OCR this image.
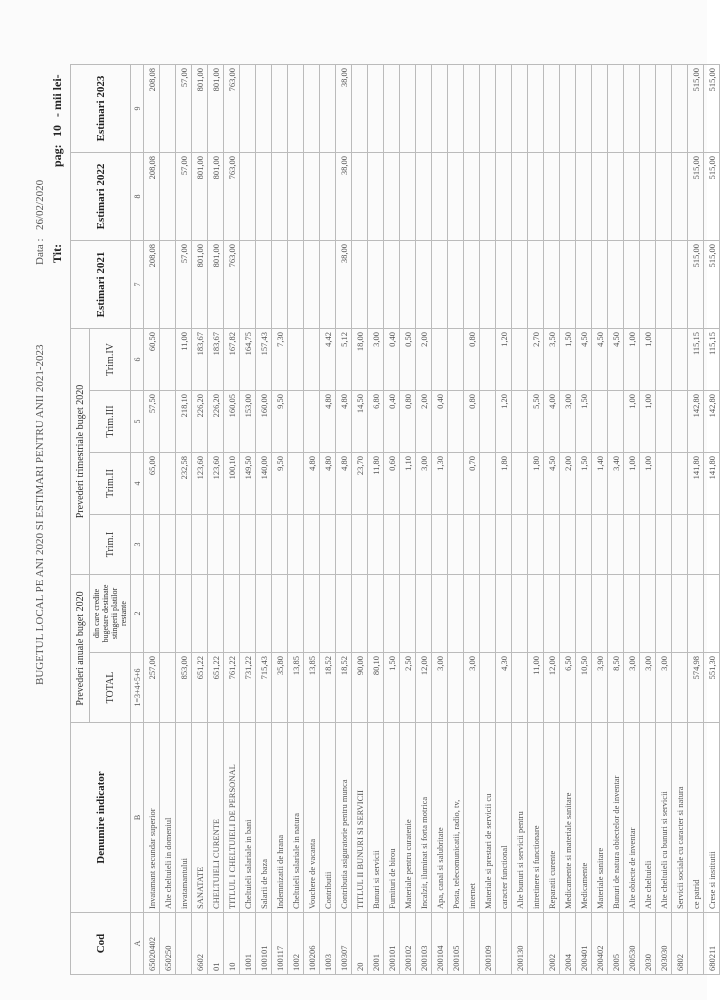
BUGETUL LOCAL PE ANI 2020 SI ESTIMARI PENTRU ANII 2021-2023
Data :
26/02/2020
Tit:
pag:
10
- mii lei-
Cod	Denumire indicator	Prevederi anuale buget 2020		Prevederi trimestriale buget 2020				Estimari 2021	Estimari 2022	Estimari 2023
		TOTAL	din care credite bugetare destinate stingerii platilor restante	Trim.I	Trim.II	Trim.III	Trim.IV			
A	B	1=3+4+5+6	2	3	4	5	6	7	8	9
65020402	Invatamant secundar superior	257,00			65,00	57,50	60,50	208,08	208,08	208,08
650250	Alte cheltuieli in domeniul									
	invatamantului	853,00			232,58	218,10	11,00	57,00	57,00	57,00
6602	SANATATE	651,22			123,60	226,20	183,67	801,00	801,00	801,00
01	CHELTUIELI CURENTE	651,22			123,60	226,20	183,67	801,00	801,00	801,00
10	TITLUL I CHELTUIELI DE PERSONAL	761,22			100,10	160,05	167,82	763,00	763,00	763,00
1001	Cheltuieli salariale in bani	731,22			149,50	153,00	164,75			
100101	Salarii de baza	715,43			140,00	160,00	157,43			
100117	Indemnizatii de hrana	35,80			9,50	9,50	7,30			
1002	Cheltuieli salariale in natura	13,85								
100206	Vouchere de vacanta	13,85			4,80					
1003	Contributii	18,52			4,80	4,80	4,42			
100307	Contributia asiguratorie pentru munca	18,52			4,80	4,80	5,12	38,00	38,00	38,00
20	TITLUL II BUNURI SI SERVICII	90,00			23,70	14,50	18,00			
2001	Bunuri si servicii	80,10			11,80	6,80	3,00			
200101	Furnituri de birou	1,50			0,60	0,40	0,40			
200102	Materiale pentru curatenie	2,50			1,10	0,80	0,50			
200103	Incalzit, iluminat si forta motrica	12,00			3,00	2,00	2,00			
200104	Apa, canal si salubritate	3,00			1,30	0,40				
200105	Posta, telecomunicatii, radio, tv,									
	internet	3,00			0,70	0,80	0,80			
200109	Materiale si prestari de servicii cu									
	caracter functional	4,30			1,80	1,20	1,20			
200130	Alte bunuri si servicii pentru									
	intretinere si functionare	11,00			1,80	5,50	2,70			
2002	Reparatii curente	12,00			4,50	4,00	3,50			
2004	Medicamente si materiale sanitare	6,50			2,00	3,00	1,50			
200401	Medicamente	10,50			1,50	1,50	4,50			
200402	Materiale sanitare	3,90			1,40		4,50			
2005	Bunuri de natura obiectelor de inventar	8,50			3,40		4,50			
200530	Alte obiecte de inventar	3,00			1,00	1,00	1,00			
2030	Alte cheltuieli	3,00			1,00	1,00	1,00			
203030	Alte cheltuieli cu bunuri si servicii	3,00								
6802	Servicii sociale cu caracter si natura									
	ce patrid	574,98			141,80	142,80	115,15	515,00	515,00	515,00
680211	Crese si institutii	551,30			141,80	142,80	115,15	515,00	515,00	515,00
